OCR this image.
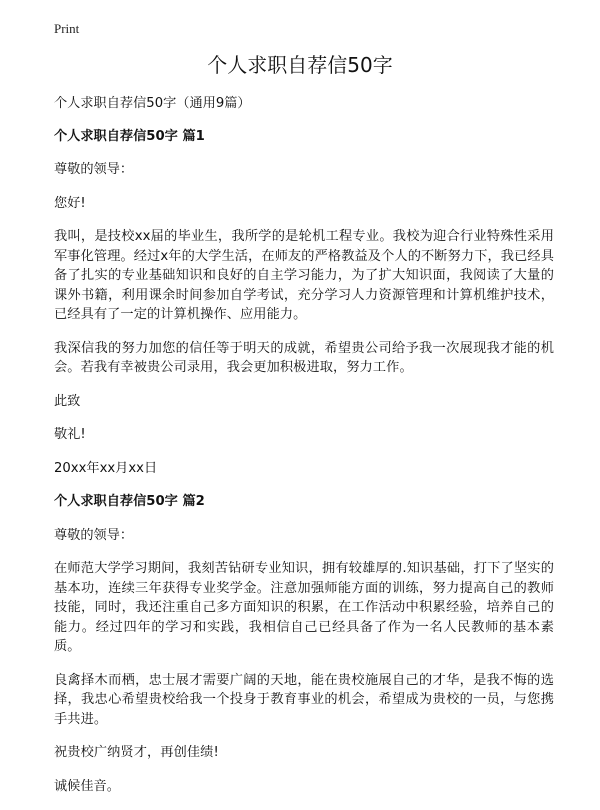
Print
个人求职自荐信50字

个人求职自荐信50字（通用9篇）

个人求职自荐信50字 篇1

尊敬的领导：

您好!

我叫，是技校xx届的毕业生，我所学的是轮机工程专业。我校为迎合行业特殊性采用军事化管理。经过x年的大学生活，在师友的严格教益及个人的不断努力下，我已经具备了扎实的专业基础知识和良好的自主学习能力，为了扩大知识面，我阅读了大量的课外书籍，利用课余时间参加自学考试，充分学习人力资源管理和计算机维护技术，已经具有了一定的计算机操作、应用能力。

我深信我的努力加您的信任等于明天的成就，希望贵公司给予我一次展现我才能的机会。若我有幸被贵公司录用，我会更加积极进取，努力工作。

此致

敬礼!

20xx年xx月xx日

个人求职自荐信50字 篇2

尊敬的领导：

在师范大学学习期间，我刻苦钻研专业知识，拥有较雄厚的.知识基础，打下了坚实的基本功，连续三年获得专业奖学金。注意加强师能方面的训练，努力提高自己的教师技能，同时，我还注重自己多方面知识的积累，在工作活动中积累经验，培养自己的能力。经过四年的学习和实践，我相信自己已经具备了作为一名人民教师的基本素质。

良禽择木而栖，忠士展才需要广阔的天地，能在贵校施展自己的才华，是我不悔的选择，我忠心希望贵校给我一个投身于教育事业的机会，希望成为贵校的一员，与您携手共进。

祝贵校广纳贤才，再创佳绩!

诚候佳音。
